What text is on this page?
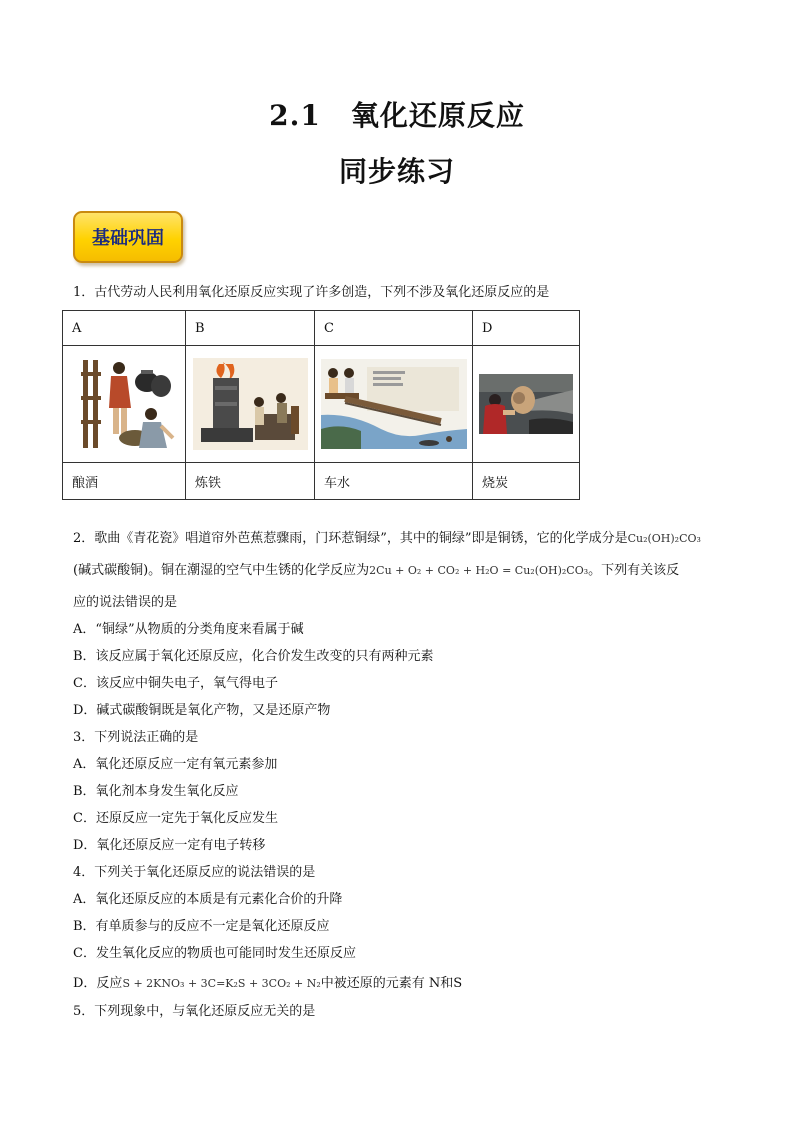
2.1 氧化还原反应
同步练习
基础巩固
1．古代劳动人民利用氧化还原反应实现了许多创造，下列不涉及氧化还原反应的是
A	B	C	D

酿酒	炼铁	车水	烧炭
2．歌曲《青花瓷》唱道帘外芭蕉惹骤雨，门环惹铜绿”，其中的铜绿”即是铜锈，它的化学成分是Cu₂(OH)₂CO₃
(碱式碳酸铜)。铜在潮湿的空气中生锈的化学反应为2Cu + O₂ + CO₂ + H₂O = Cu₂(OH)₂CO₃。下列有关该反
应的说法错误的是
A．“铜绿”从物质的分类角度来看属于碱
B．该反应属于氧化还原反应，化合价发生改变的只有两种元素
C．该反应中铜失电子，氧气得电子
D．碱式碳酸铜既是氧化产物，又是还原产物
3．下列说法正确的是
A．氧化还原反应一定有氧元素参加
B．氧化剂本身发生氧化反应
C．还原反应一定先于氧化反应发生
D．氧化还原反应一定有电子转移
4．下列关于氧化还原反应的说法错误的是
A．氧化还原反应的本质是有元素化合价的升降
B．有单质参与的反应不一定是氧化还原反应
C．发生氧化反应的物质也可能同时发生还原反应
D．反应S + 2KNO₃ + 3C=K₂S + 3CO₂ + N₂中被还原的元素有 N和S
5．下列现象中，与氧化还原反应无关的是
